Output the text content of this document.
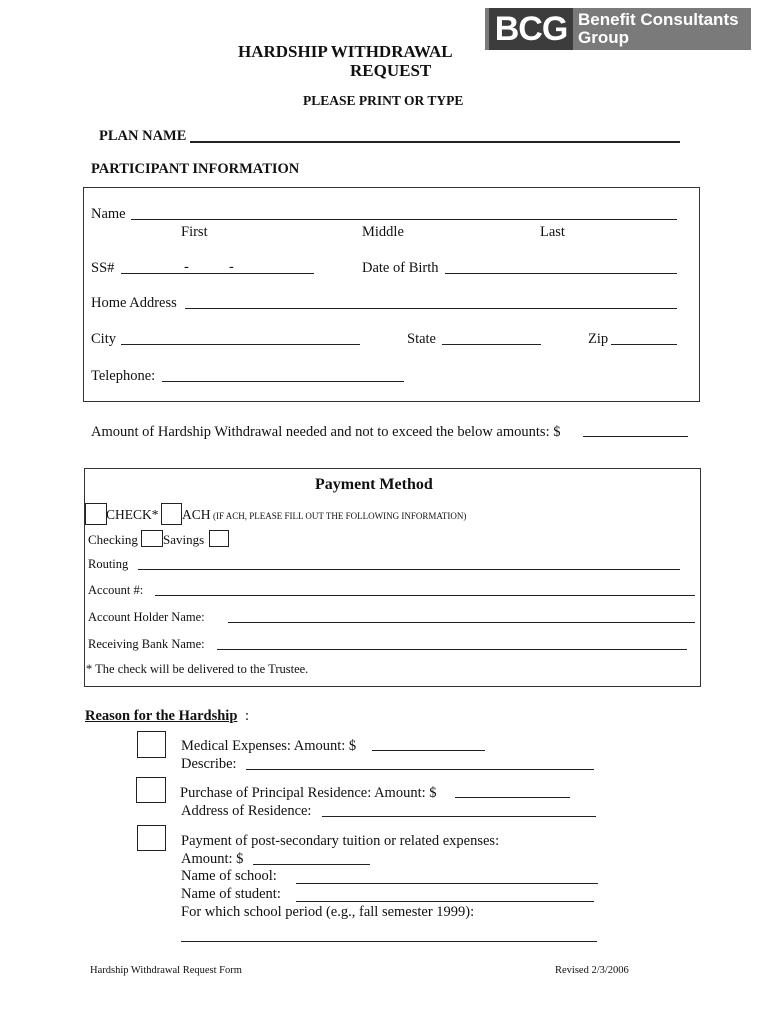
BCG Benefit Consultants
Group
HARDSHIP WITHDRAWAL
REQUEST
PLEASE PRINT OR TYPE
PLAN NAME
PARTICIPANT INFORMATION
Name
First	Middle	Last
SS#	-	-	Date of Birth
Home Address
City	State	Zip
Telephone:
Amount of Hardship Withdrawal needed and not to exceed the below amounts: $
Payment Method
CHECK* ACH (IF ACH, PLEASE FILL OUT THE FOLLOWING INFORMATION)
Checking Savings
Routing
Account #:
Account Holder Name:
Receiving Bank Name:
* The check will be delivered to the Trustee.
Reason for the Hardship :
Medical Expenses: Amount: $
Describe:
Purchase of Principal Residence: Amount: $
Address of Residence:
Payment of post-secondary tuition or related expenses:
Amount: $
Name of school:
Name of student:
For which school period (e.g., fall semester 1999):
Hardship Withdrawal Request Form	Revised 2/3/2006
